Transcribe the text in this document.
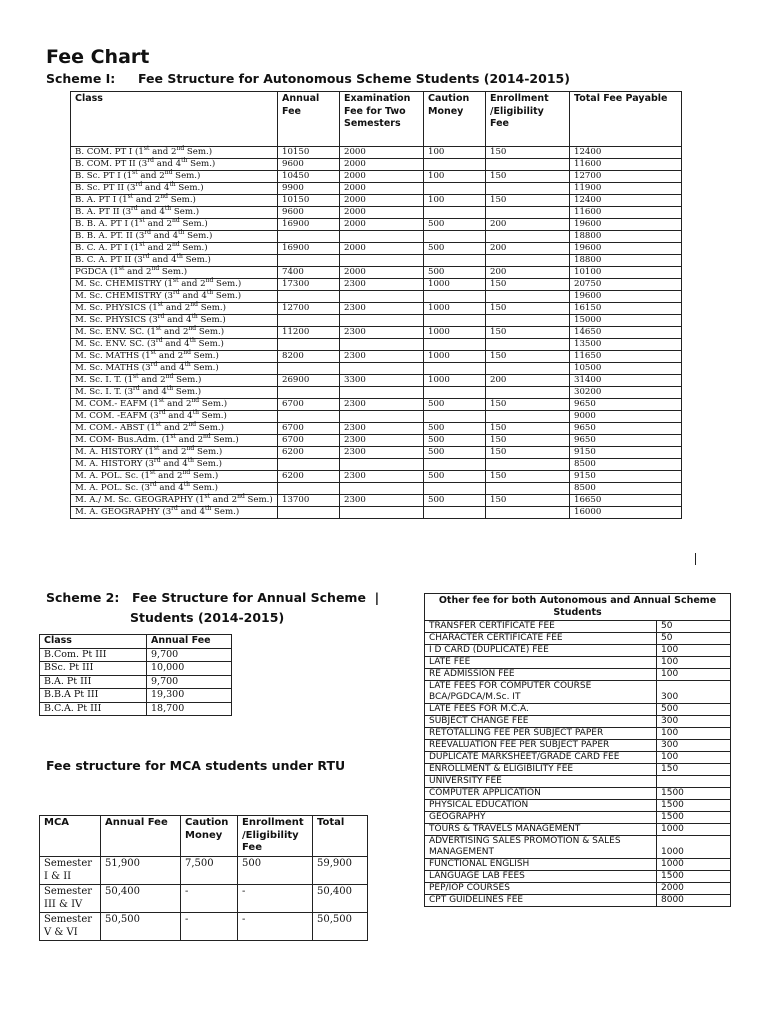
Fee Chart
Scheme I: Fee Structure for Autonomous Scheme Students (2014-2015)
Class	Annual Fee	Examination Fee for Two Semesters	Caution Money	Enrollment /Eligibility Fee	Total Fee Payable
B. COM. PT I (1st and 2nd Sem.)	10150	2000	100	150	12400
B. COM. PT II (3rd and 4th Sem.)	9600	2000			11600
B. Sc. PT I (1st and 2nd Sem.)	10450	2000	100	150	12700
B. Sc. PT II (3rd and 4th Sem.)	9900	2000			11900
B. A. PT I (1st and 2nd Sem.)	10150	2000	100	150	12400
B. A. PT II (3rd and 4th Sem.)	9600	2000			11600
B. B. A. PT I (1st and 2nd Sem.)	16900	2000	500	200	19600
B. B. A. PT. II (3rd and 4th Sem.)					18800
B. C. A. PT I (1st and 2nd Sem.)	16900	2000	500	200	19600
B. C. A. PT II (3rd and 4th Sem.)					18800
PGDCA (1st and 2nd Sem.)	7400	2000	500	200	10100
M. Sc. CHEMISTRY (1st and 2nd Sem.)	17300	2300	1000	150	20750
M. Sc. CHEMISTRY (3rd and 4th Sem.)					19600
M. Sc. PHYSICS (1st and 2nd Sem.)	12700	2300	1000	150	16150
M. Sc. PHYSICS (3rd and 4th Sem.)					15000
M. Sc. ENV. SC. (1st and 2nd Sem.)	11200	2300	1000	150	14650
M. Sc. ENV. SC. (3rd and 4th Sem.)					13500
M. Sc. MATHS (1st and 2nd Sem.)	8200	2300	1000	150	11650
M. Sc. MATHS (3rd and 4th Sem.)					10500
M. Sc. I. T. (1st and 2nd Sem.)	26900	3300	1000	200	31400
M. Sc. I. T. (3rd and 4th Sem.)					30200
M. COM.- EAFM (1st and 2nd Sem.)	6700	2300	500	150	9650
M. COM. -EAFM (3rd and 4th Sem.)					9000
M. COM.- ABST (1st and 2nd Sem.)	6700	2300	500	150	9650
M. COM- Bus.Adm. (1st and 2nd Sem.)	6700	2300	500	150	9650
M. A. HISTORY (1st and 2nd Sem.)	6200	2300	500	150	9150
M. A. HISTORY (3rd and 4th Sem.)					8500
M. A. POL. Sc. (1st and 2nd Sem.)	6200	2300	500	150	9150
M. A. POL. Sc. (3rd and 4th Sem.)					8500
M. A./ M. Sc. GEOGRAPHY (1st and 2nd Sem.)	13700	2300	500	150	16650
M. A. GEOGRAPHY (3rd and 4th Sem.)					16000
Scheme 2: Fee Structure for Annual Scheme |
Students (2014-2015)
Class	Annual Fee
B.Com. Pt III	9,700
BSc. Pt III	10,000
B.A. Pt III	9,700
B.B.A Pt III	19,300
B.C.A. Pt III	18,700
Fee structure for MCA students under RTU
MCA	Annual Fee	Caution Money	Enrollment /Eligibility Fee	Total
Semester I & II	51,900	7,500	500	59,900
Semester III & IV	50,400	-	-	50,400
Semester V & VI	50,500	-	-	50,500
Other fee for both Autonomous and Annual Scheme Students	
TRANSFER CERTIFICATE FEE	50
CHARACTER CERTIFICATE FEE	50
I D CARD (DUPLICATE) FEE	100
LATE FEE	100
RE ADMISSION FEE	100
LATE FEES FOR COMPUTER COURSE BCA/PGDCA/M.Sc. IT	300
LATE FEES FOR M.C.A.	500
SUBJECT CHANGE FEE	300
RETOTALLING FEE PER SUBJECT PAPER	100
REEVALUATION FEE PER SUBJECT PAPER	300
DUPLICATE MARKSHEET/GRADE CARD FEE	100
ENROLLMENT & ELIGIBILITY FEE	150
UNIVERSITY FEE	
COMPUTER APPLICATION	1500
PHYSICAL EDUCATION	1500
GEOGRAPHY	1500
TOURS & TRAVELS MANAGEMENT	1000
ADVERTISING SALES PROMOTION & SALES MANAGEMENT	1000
FUNCTIONAL ENGLISH	1000
LANGUAGE LAB FEES	1500
PEP/IOP COURSES	2000
CPT GUIDELINES FEE	8000
